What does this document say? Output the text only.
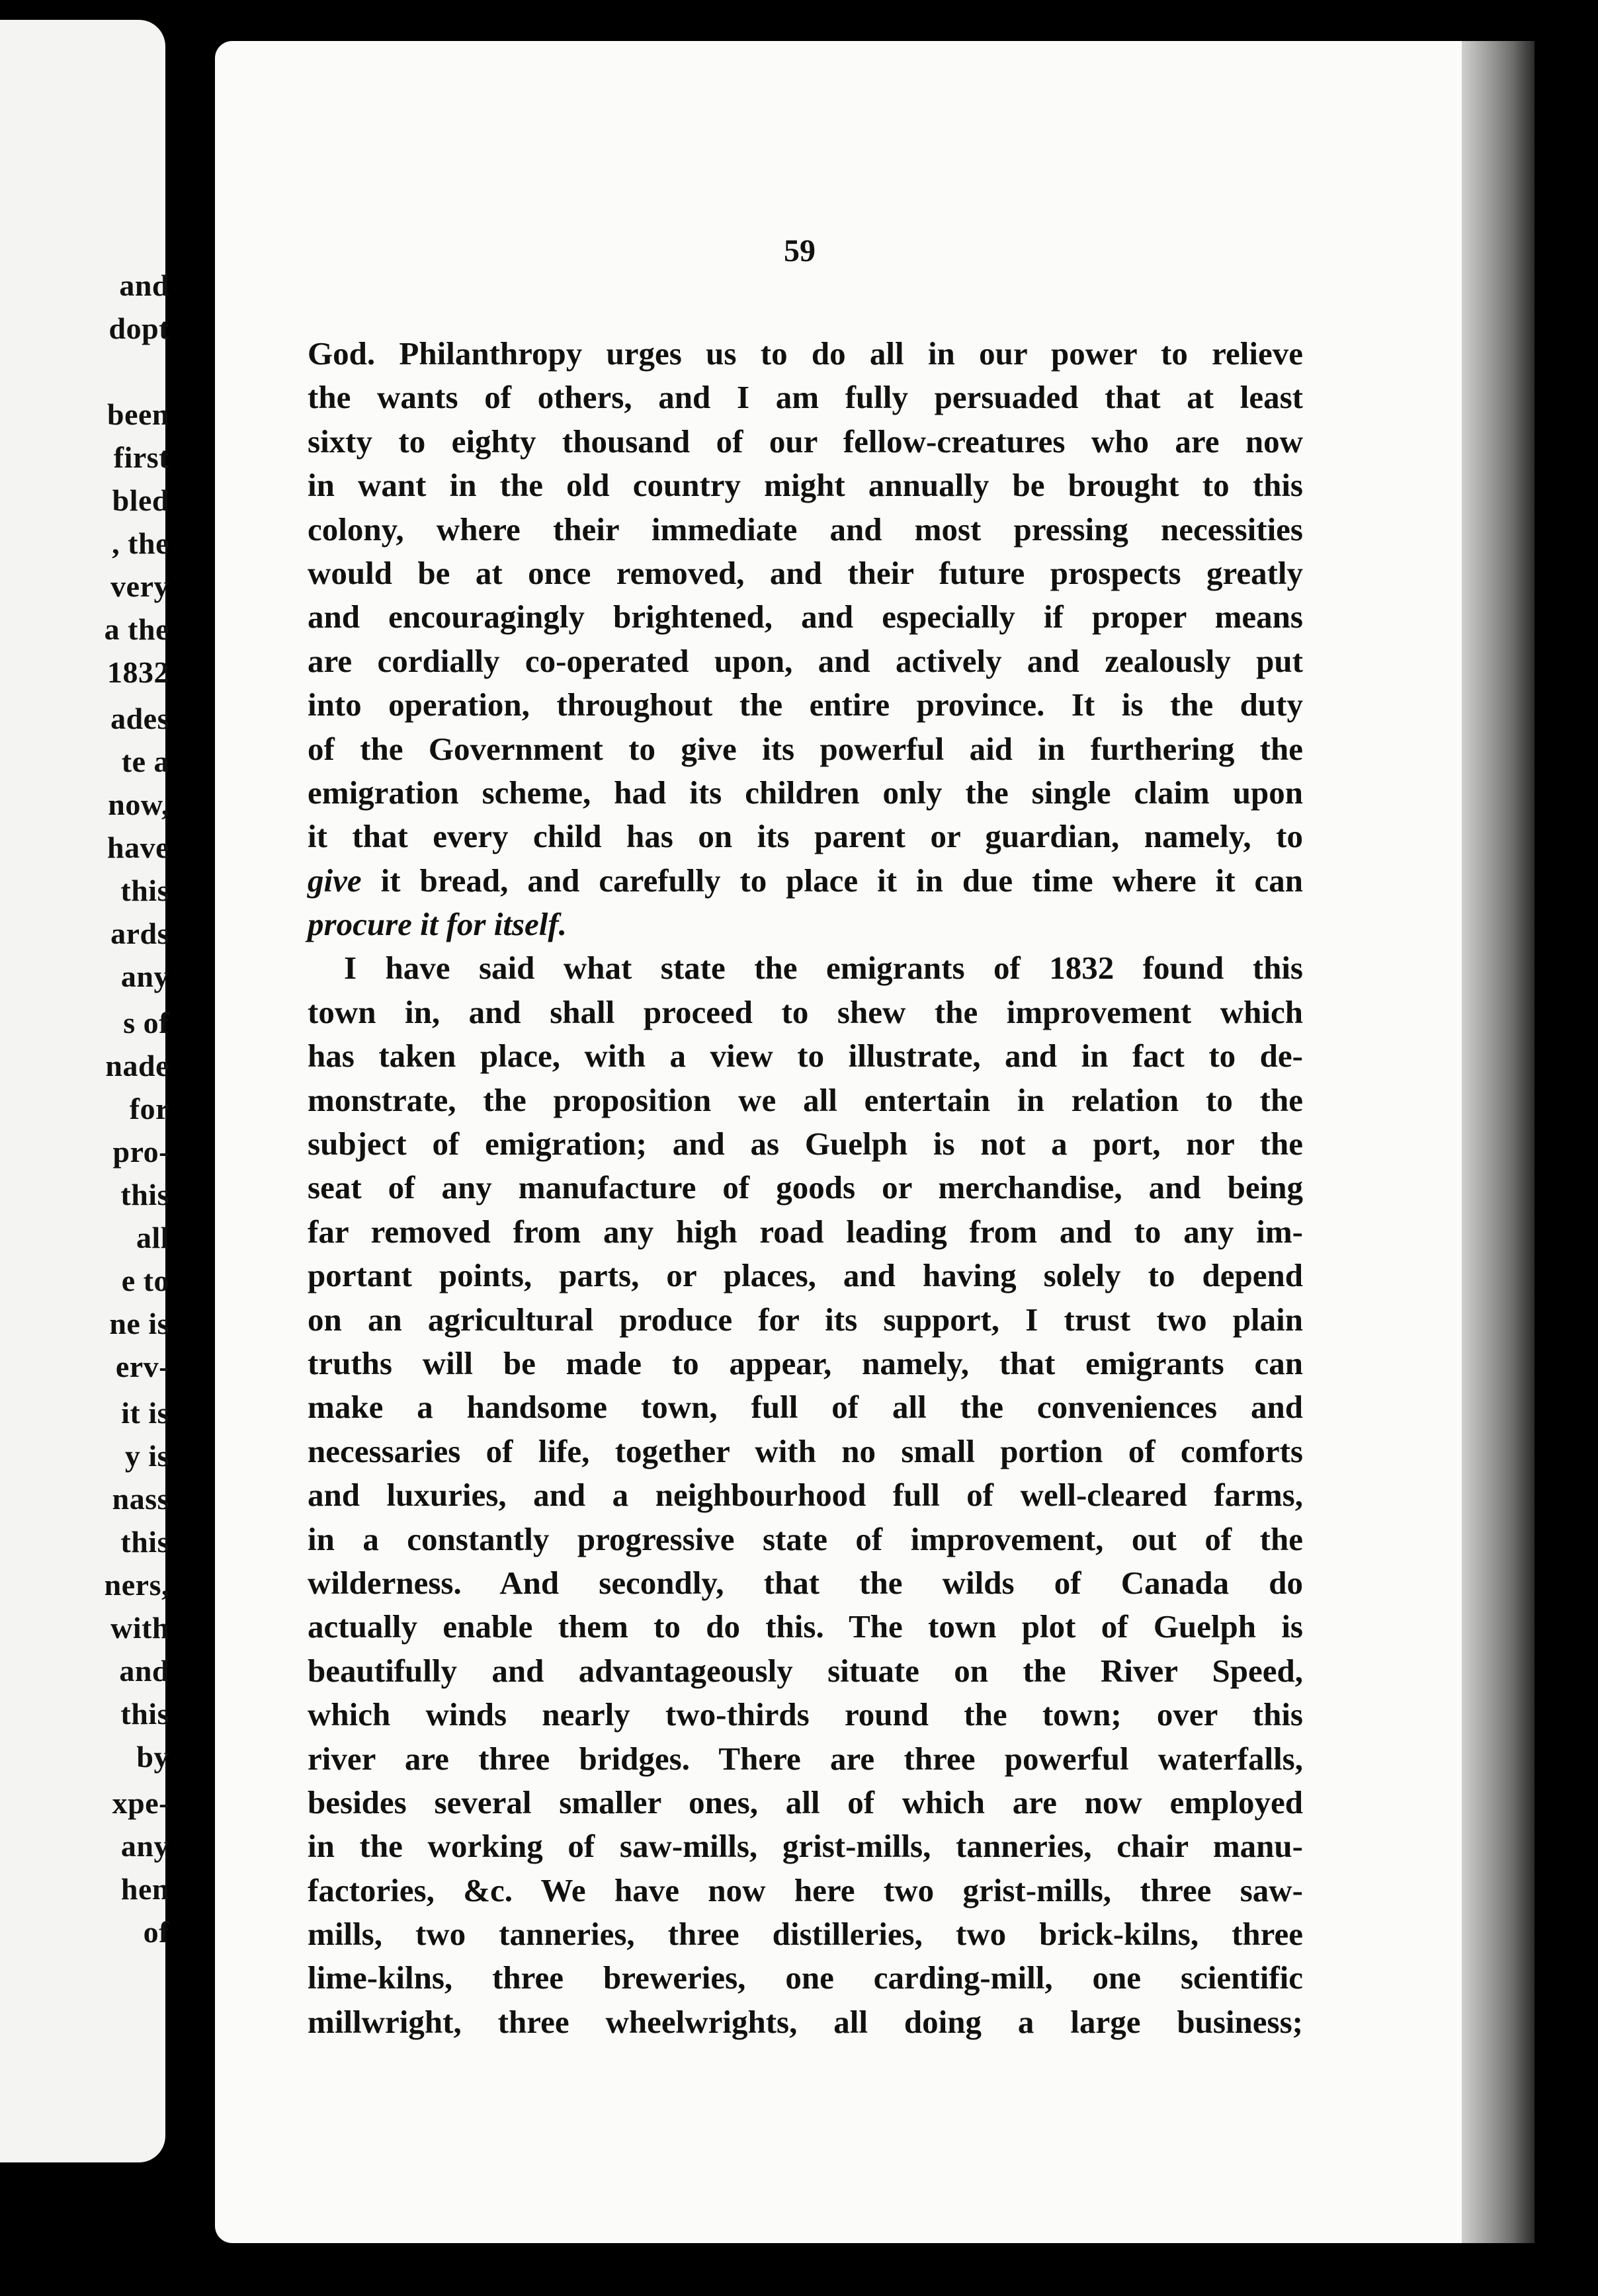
and
dopt
been
first
bled
, the
very
a the
1832
ades
te a
now,
have
this
ards
any
s of
nade
for
pro-
this
all
e to
ne is
erv-
it is
y is
nass
this
ners,
with
and
this
by
xpe-
any
hen
of
59
God. Philanthropy urges us to do all in our power to relieve
the wants of others, and I am fully persuaded that at least
sixty to eighty thousand of our fellow-creatures who are now
in want in the old country might annually be brought to this
colony, where their immediate and most pressing necessities
would be at once removed, and their future prospects greatly
and encouragingly brightened, and especially if proper means
are cordially co-operated upon, and actively and zealously put
into operation, throughout the entire province. It is the duty
of the Government to give its powerful aid in furthering the
emigration scheme, had its children only the single claim upon
it that every child has on its parent or guardian, namely, to
give it bread, and carefully to place it in due time where it can
procure it for itself.
I have said what state the emigrants of 1832 found this
town in, and shall proceed to shew the improvement which
has taken place, with a view to illustrate, and in fact to de-
monstrate, the proposition we all entertain in relation to the
subject of emigration; and as Guelph is not a port, nor the
seat of any manufacture of goods or merchandise, and being
far removed from any high road leading from and to any im-
portant points, parts, or places, and having solely to depend
on an agricultural produce for its support, I trust two plain
truths will be made to appear, namely, that emigrants can
make a handsome town, full of all the conveniences and
necessaries of life, together with no small portion of comforts
and luxuries, and a neighbourhood full of well-cleared farms,
in a constantly progressive state of improvement, out of the
wilderness. And secondly, that the wilds of Canada do
actually enable them to do this. The town plot of Guelph is
beautifully and advantageously situate on the River Speed,
which winds nearly two-thirds round the town; over this
river are three bridges. There are three powerful waterfalls,
besides several smaller ones, all of which are now employed
in the working of saw-mills, grist-mills, tanneries, chair manu-
factories, &c. We have now here two grist-mills, three saw-
mills, two tanneries, three distilleries, two brick-kilns, three
lime-kilns, three breweries, one carding-mill, one scientific
millwright, three wheelwrights, all doing a large business;
